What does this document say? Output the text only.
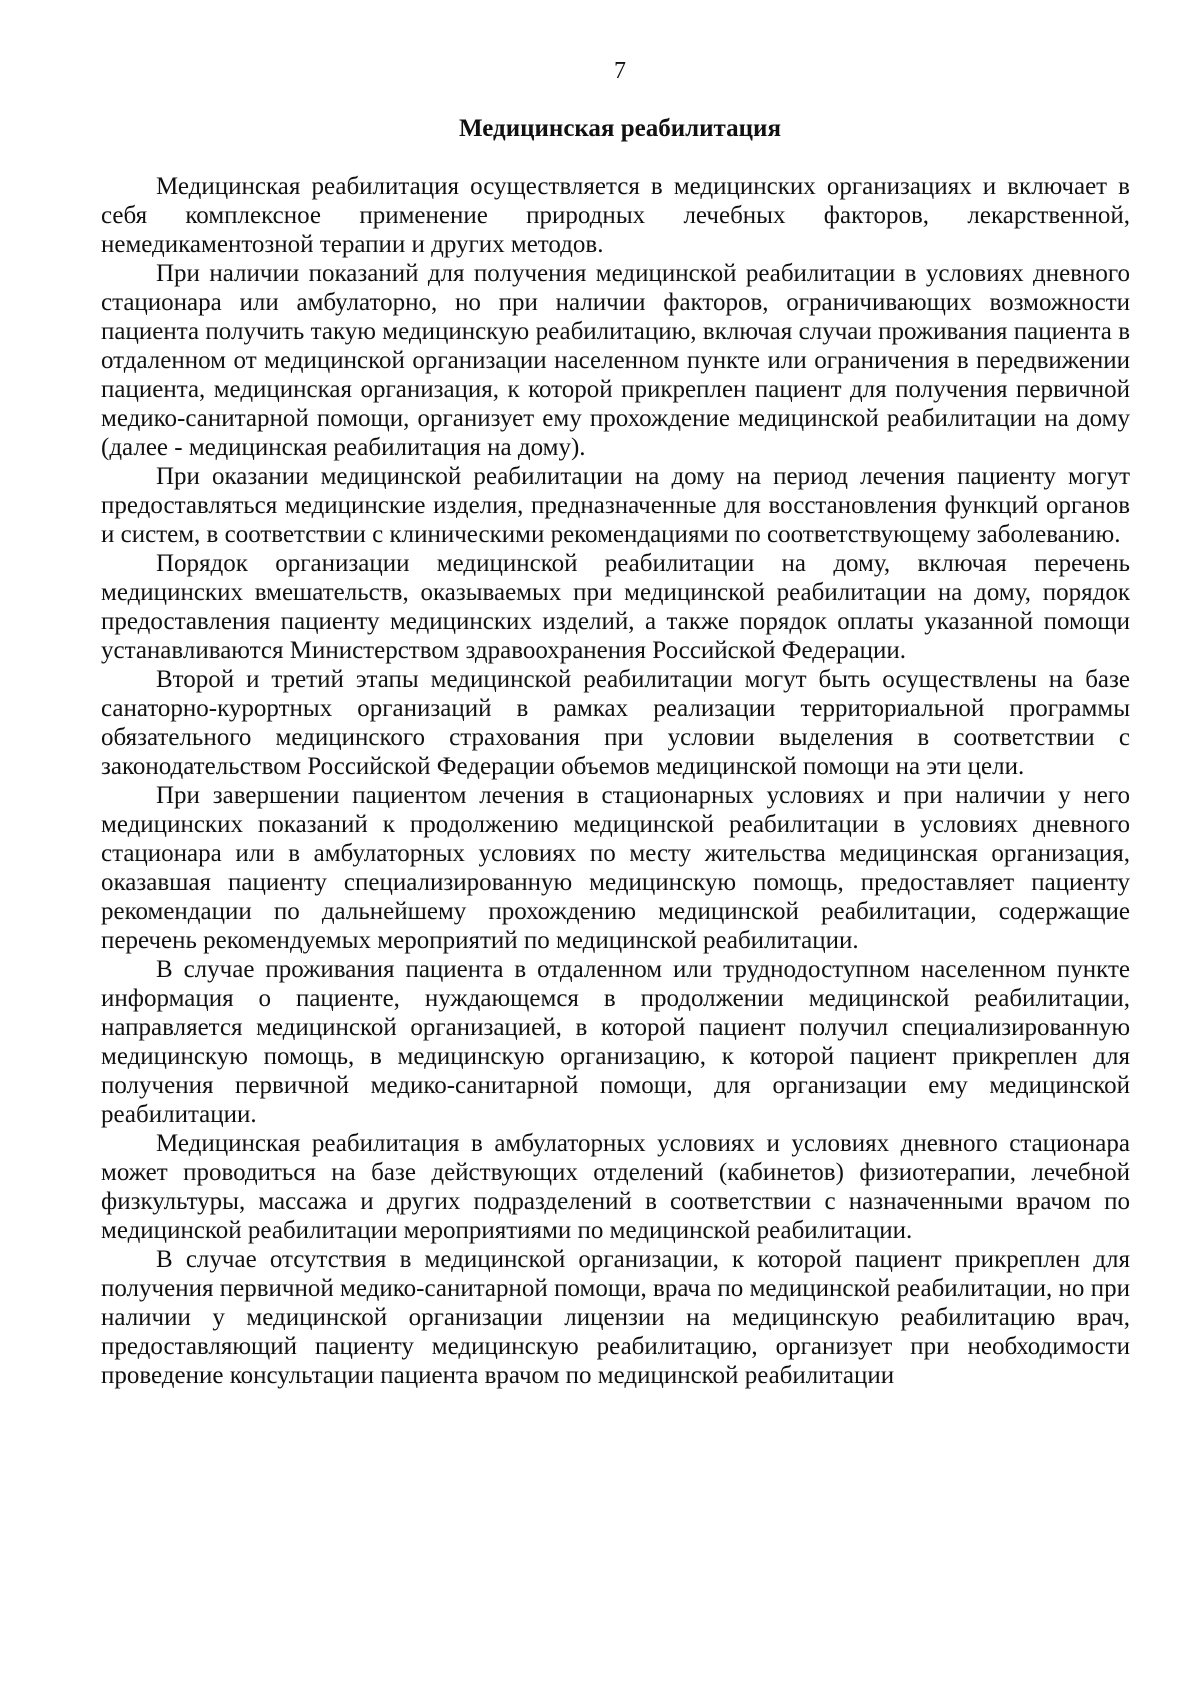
7
Медицинская реабилитация

Медицинская реабилитация осуществляется в медицинских организациях и включает в себя комплексное применение природных лечебных факторов, лекарственной, немедикаментозной терапии и других методов.

При наличии показаний для получения медицинской реабилитации в условиях дневного стационара или амбулаторно, но при наличии факторов, ограничивающих возможности пациента получить такую медицинскую реабилитацию, включая случаи проживания пациента в отдаленном от медицинской организации населенном пункте или ограничения в передвижении пациента, медицинская организация, к которой прикреплен пациент для получения первичной медико-санитарной помощи, организует ему прохождение медицинской реабилитации на дому (далее - медицинская реабилитация на дому).

При оказании медицинской реабилитации на дому на период лечения пациенту могут предоставляться медицинские изделия, предназначенные для восстановления функций органов и систем, в соответствии с клиническими рекомендациями по соответствующему заболеванию.

Порядок организации медицинской реабилитации на дому, включая перечень медицинских вмешательств, оказываемых при медицинской реабилитации на дому, порядок предоставления пациенту медицинских изделий, а также порядок оплаты указанной помощи устанавливаются Министерством здравоохранения Российской Федерации.

Второй и третий этапы медицинской реабилитации могут быть осуществлены на базе санаторно-курортных организаций в рамках реализации территориальной программы обязательного медицинского страхования при условии выделения в соответствии с законодательством Российской Федерации объемов медицинской помощи на эти цели.

При завершении пациентом лечения в стационарных условиях и при наличии у него медицинских показаний к продолжению медицинской реабилитации в условиях дневного стационара или в амбулаторных условиях по месту жительства медицинская организация, оказавшая пациенту специализированную медицинскую помощь, предоставляет пациенту рекомендации по дальнейшему прохождению медицинской реабилитации, содержащие перечень рекомендуемых мероприятий по медицинской реабилитации.

В случае проживания пациента в отдаленном или труднодоступном населенном пункте информация о пациенте, нуждающемся в продолжении медицинской реабилитации, направляется медицинской организацией, в которой пациент получил специализированную медицинскую помощь, в медицинскую организацию, к которой пациент прикреплен для получения первичной медико-санитарной помощи, для организации ему медицинской реабилитации.

Медицинская реабилитация в амбулаторных условиях и условиях дневного стационара может проводиться на базе действующих отделений (кабинетов) физиотерапии, лечебной физкультуры, массажа и других подразделений в соответствии с назначенными врачом по медицинской реабилитации мероприятиями по медицинской реабилитации.

В случае отсутствия в медицинской организации, к которой пациент прикреплен для получения первичной медико-санитарной помощи, врача по медицинской реабилитации, но при наличии у медицинской организации лицензии на медицинскую реабилитацию врач, предоставляющий пациенту медицинскую реабилитацию, организует при необходимости проведение консультации пациента врачом по медицинской реабилитации
